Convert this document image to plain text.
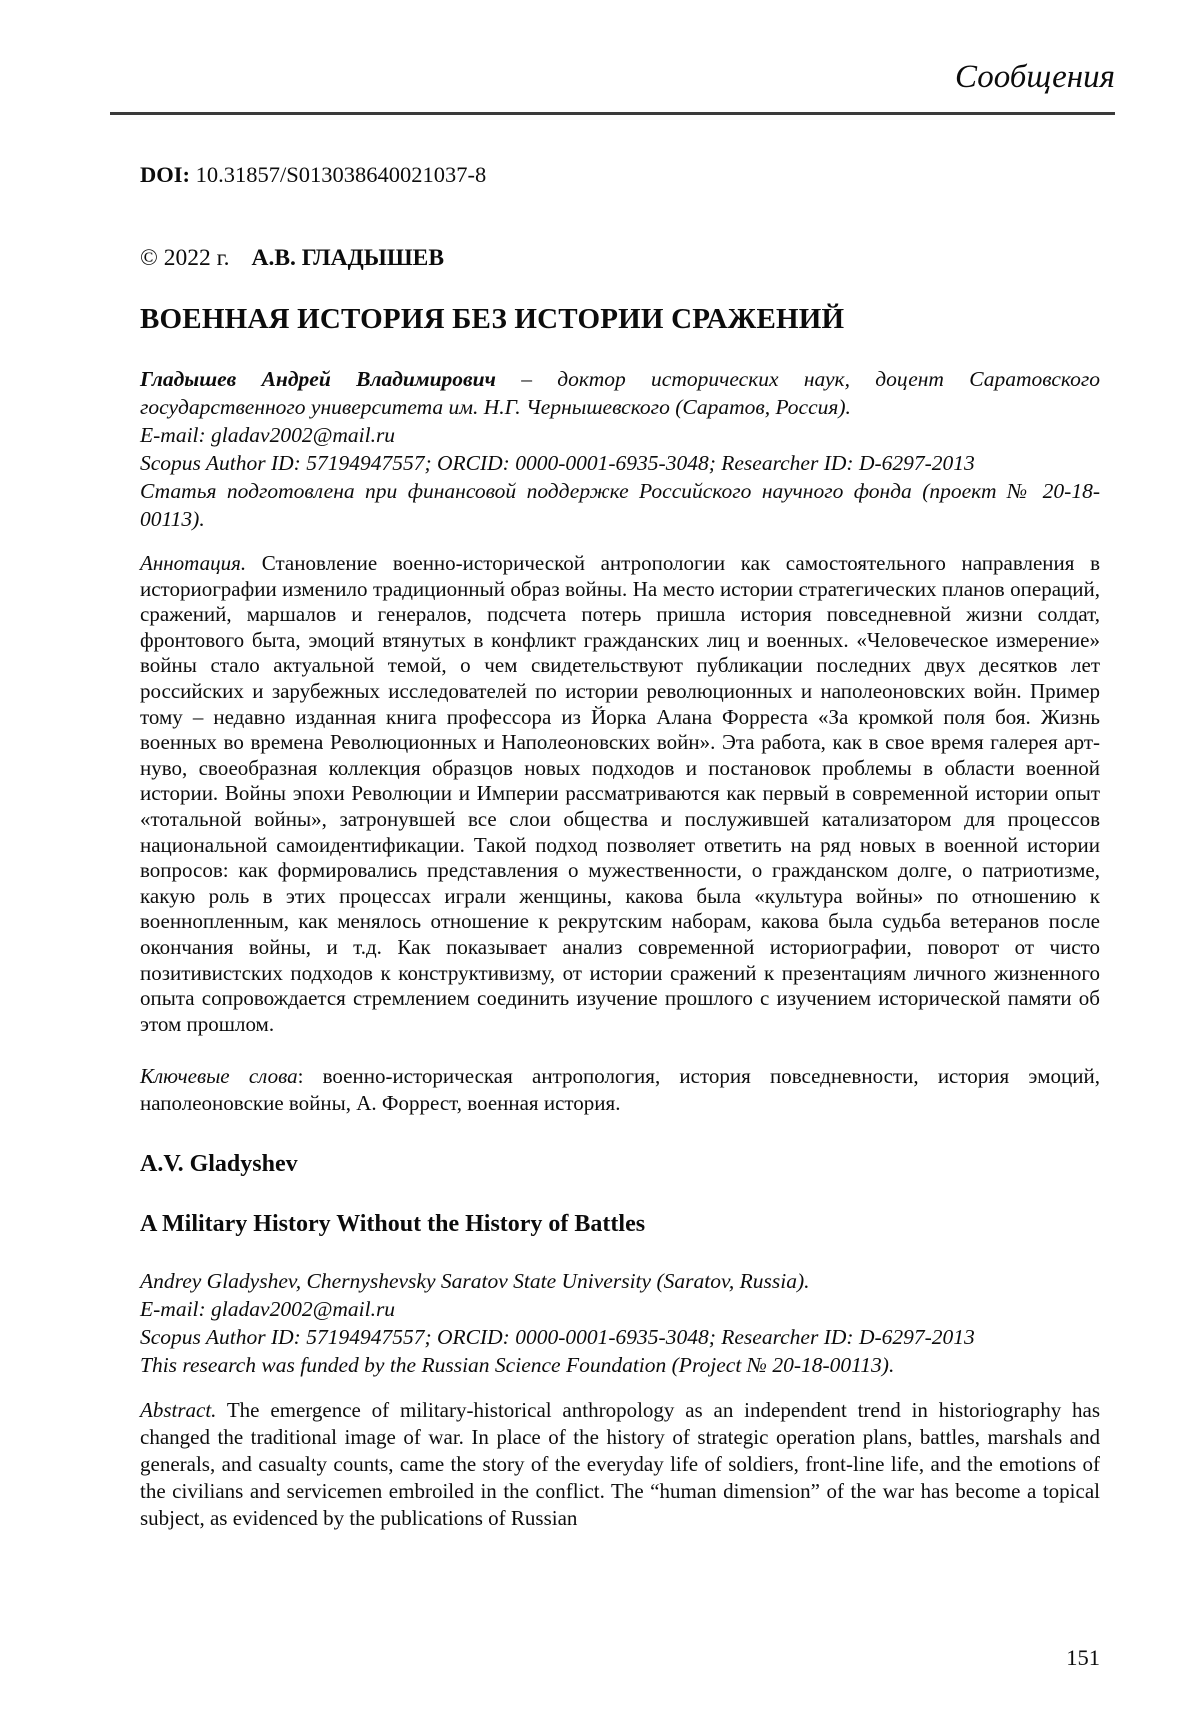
Сообщения
DOI: 10.31857/S013038640021037-8
© 2022 г. А.В. ГЛАДЫШЕВ
ВОЕННАЯ ИСТОРИЯ БЕЗ ИСТОРИИ СРАЖЕНИЙ

Гладышев Андрей Владимирович – доктор исторических наук, доцент Саратовского государственного университета им. Н.Г. Чернышевского (Саратов, Россия).

E-mail: gladav2002@mail.ru

Scopus Author ID: 57194947557; ORCID: 0000-0001-6935-3048; Researcher ID: D-6297-2013

Статья подготовлена при финансовой поддержке Российского научного фонда (проект № 20-18-00113).

Аннотация. Становление военно-исторической антропологии как самостоятельного направления в историографии изменило традиционный образ войны. На место истории стратегических планов операций, сражений, маршалов и генералов, подсчета потерь пришла история повседневной жизни солдат, фронтового быта, эмоций втянутых в конфликт гражданских лиц и военных. «Человеческое измерение» войны стало актуальной темой, о чем свидетельствуют публикации последних двух десятков лет российских и зарубежных исследователей по истории революционных и наполеоновских войн. Пример тому – недавно изданная книга профессора из Йорка Алана Форреста «За кромкой поля боя. Жизнь военных во времена Революционных и Наполеоновских войн». Эта работа, как в свое время галерея арт-нуво, своеобразная коллекция образцов новых подходов и постановок проблемы в области военной истории. Войны эпохи Революции и Империи рассматриваются как первый в современной истории опыт «тотальной войны», затронувшей все слои общества и послужившей катализатором для процессов национальной самоидентификации. Такой подход позволяет ответить на ряд новых в военной истории вопросов: как формировались представления о мужественности, о гражданском долге, о патриотизме, какую роль в этих процессах играли женщины, какова была «культура войны» по отношению к военнопленным, как менялось отношение к рекрутским наборам, какова была судьба ветеранов после окончания войны, и т.д. Как показывает анализ современной историографии, поворот от чисто позитивистских подходов к конструктивизму, от истории сражений к презентациям личного жизненного опыта сопровождается стремлением соединить изучение прошлого с изучением исторической памяти об этом прошлом.

Ключевые слова: военно-историческая антропология, история повседневности, история эмоций, наполеоновские войны, А. Форрест, военная история.

A.V. Gladyshev
A Military History Without the History of Battles

Andrey Gladyshev, Chernyshevsky Saratov State University (Saratov, Russia).

E-mail: gladav2002@mail.ru

Scopus Author ID: 57194947557; ORCID: 0000-0001-6935-3048; Researcher ID: D-6297-2013

This research was funded by the Russian Science Foundation (Project № 20-18-00113).

Abstract. The emergence of military-historical anthropology as an independent trend in historiography has changed the traditional image of war. In place of the history of strategic operation plans, battles, marshals and generals, and casualty counts, came the story of the everyday life of soldiers, front-line life, and the emotions of the civilians and servicemen embroiled in the conflict. The “human dimension” of the war has become a topical subject, as evidenced by the publications of Russian

151
